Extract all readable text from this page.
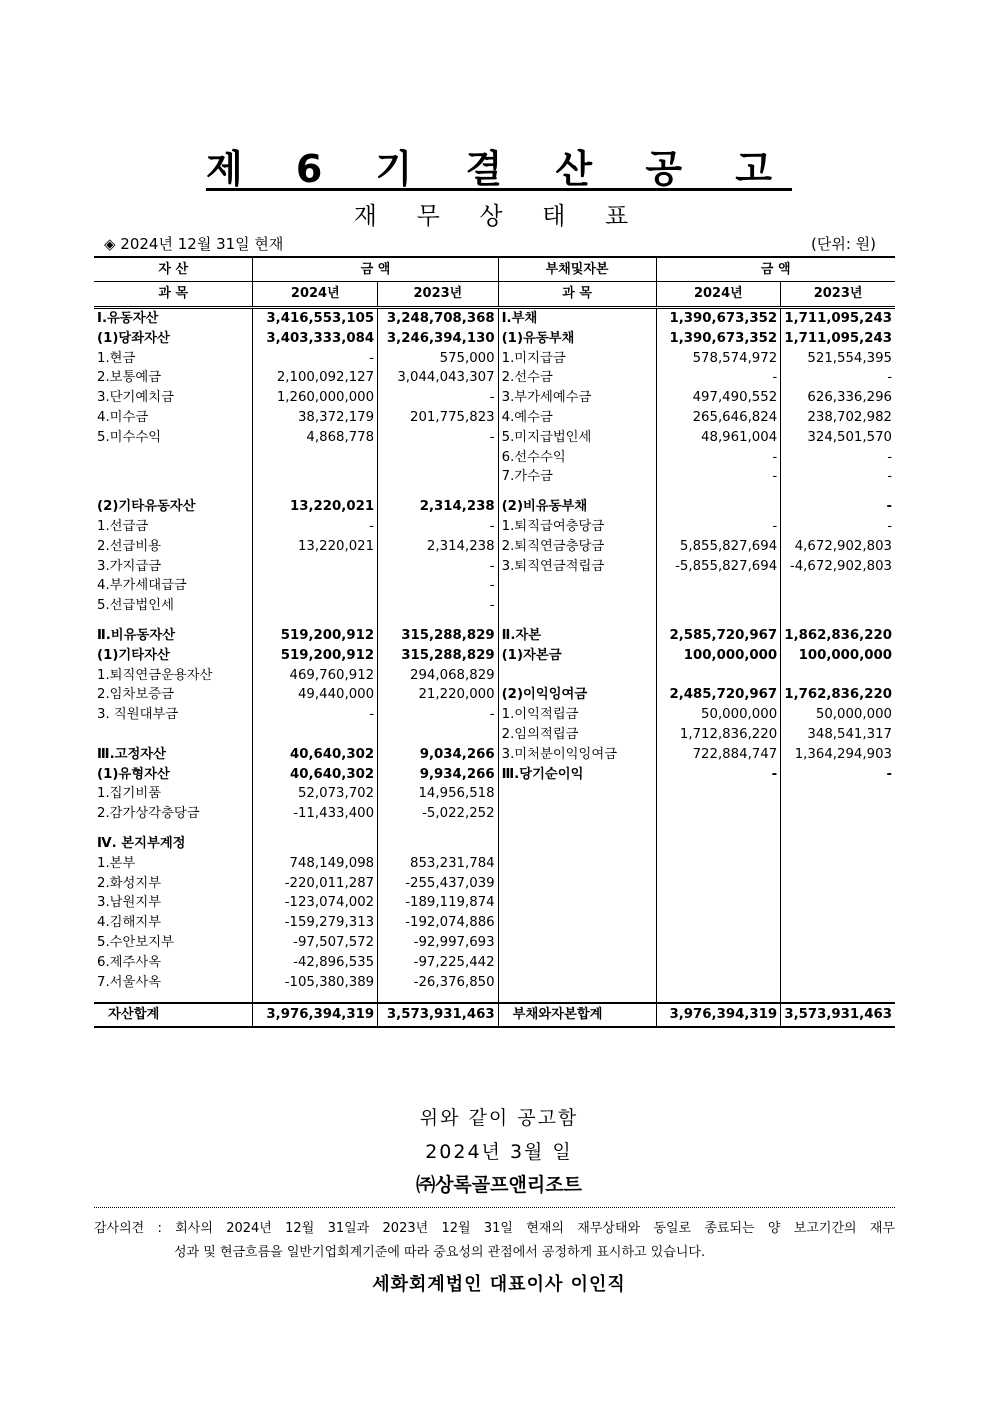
제 6 기 결 산 공 고
재 무 상 태 표
◈ 2024년 12월 31일 현재	(단위: 원)
자 산	금 액		부채및자본	금 액	
과 목	2024년	2023년	과 목	2024년	2023년
Ⅰ.유동자산	3,416,553,105	3,248,708,368	Ⅰ.부채	1,390,673,352	1,711,095,243
(1)당좌자산	3,403,333,084	3,246,394,130	(1)유동부채	1,390,673,352	1,711,095,243
1.현금	-	575,000	1.미지급금	578,574,972	521,554,395
2.보통예금	2,100,092,127	3,044,043,307	2.선수금	-	-
3.단기예치금	1,260,000,000	-	3.부가세예수금	497,490,552	626,336,296
4.미수금	38,372,179	201,775,823	4.예수금	265,646,824	238,702,982
5.미수수익	4,868,778	-	5.미지급법인세	48,961,004	324,501,570
			6.선수수익	-	-
			7.가수금	-	-

(2)기타유동자산	13,220,021	2,314,238	(2)비유동부채		-
1.선급금	-	-	1.퇴직급여충당금	-	-
2.선급비용	13,220,021	2,314,238	2.퇴직연금충당금	5,855,827,694	4,672,902,803
3.가지급금		-	3.퇴직연금적립금	-5,855,827,694	-4,672,902,803
4.부가세대급금		-			
5.선급법인세		-			

Ⅱ.비유동자산	519,200,912	315,288,829	Ⅱ.자본	2,585,720,967	1,862,836,220
(1)기타자산	519,200,912	315,288,829	(1)자본금	100,000,000	100,000,000
1.퇴직연금운용자산	469,760,912	294,068,829			
2.임차보증금	49,440,000	21,220,000	(2)이익잉여금	2,485,720,967	1,762,836,220
3. 직원대부금	-	-	1.이익적립금	50,000,000	50,000,000
			2.임의적립금	1,712,836,220	348,541,317
Ⅲ.고정자산	40,640,302	9,034,266	3.미처분이익잉여금	722,884,747	1,364,294,903
(1)유형자산	40,640,302	9,934,266	Ⅲ.당기순이익	-	-
1.집기비품	52,073,702	14,956,518			
2.감가상각충당금	-11,433,400	-5,022,252			

Ⅳ. 본지부계정					
1.본부	748,149,098	853,231,784			
2.화성지부	-220,011,287	-255,437,039			
3.남원지부	-123,074,002	-189,119,874			
4.김해지부	-159,279,313	-192,074,886			
5.수안보지부	-97,507,572	-92,997,693			
6.제주사옥	-42,896,535	-97,225,442			
7.서울사옥	-105,380,389	-26,376,850			

자산합계	3,976,394,319	3,573,931,463	부채와자본합계	3,976,394,319	3,573,931,463
위와 같이 공고함
2024년 3월 일
㈜상록골프앤리조트
감사의견 : 회사의 2024년 12월 31일과 2023년 12월 31일 현재의 재무상태와 동일로 종료되는 양 보고기간의 재무
성과 및 현금흐름을 일반기업회계기준에 따라 중요성의 관점에서 공정하게 표시하고 있습니다.
세화회계법인 대표이사 이인직
